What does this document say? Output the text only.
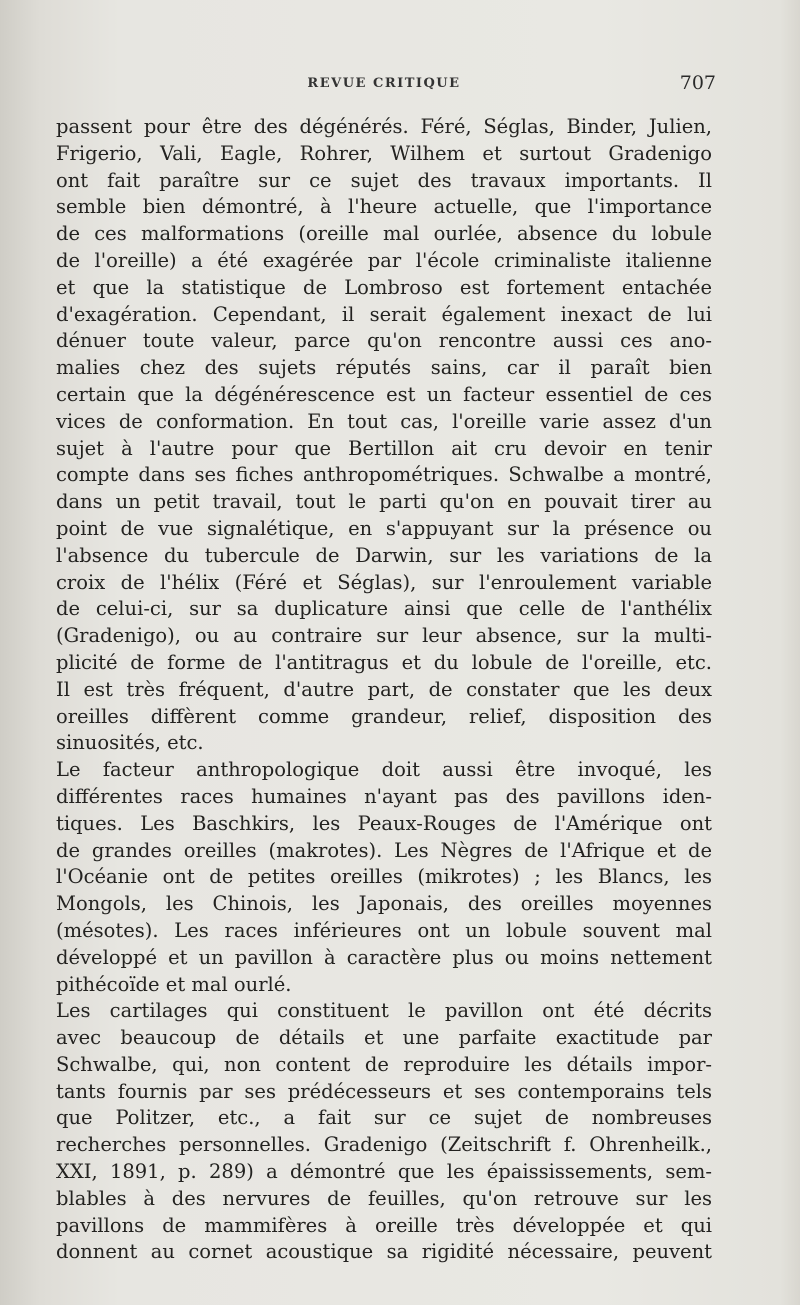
REVUE CRITIQUE	707
passent pour être des dégénérés. Féré, Séglas, Binder, Julien,
Frigerio, Vali, Eagle, Rohrer, Wilhem et surtout Gradenigo
ont fait paraître sur ce sujet des travaux importants. Il
semble bien démontré, à l'heure actuelle, que l'importance
de ces malformations (oreille mal ourlée, absence du lobule
de l'oreille) a été exagérée par l'école criminaliste italienne
et que la statistique de Lombroso est fortement entachée
d'exagération. Cependant, il serait également inexact de lui
dénuer toute valeur, parce qu'on rencontre aussi ces ano-
malies chez des sujets réputés sains, car il paraît bien
certain que la dégénérescence est un facteur essentiel de ces
vices de conformation. En tout cas, l'oreille varie assez d'un
sujet à l'autre pour que Bertillon ait cru devoir en tenir
compte dans ses fiches anthropométriques. Schwalbe a montré,
dans un petit travail, tout le parti qu'on en pouvait tirer au
point de vue signalétique, en s'appuyant sur la présence ou
l'absence du tubercule de Darwin, sur les variations de la
croix de l'hélix (Féré et Séglas), sur l'enroulement variable
de celui-ci, sur sa duplicature ainsi que celle de l'anthélix
(Gradenigo), ou au contraire sur leur absence, sur la multi-
plicité de forme de l'antitragus et du lobule de l'oreille, etc.
Il est très fréquent, d'autre part, de constater que les deux
oreilles diffèrent comme grandeur, relief, disposition des
sinuosités, etc.
Le facteur anthropologique doit aussi être invoqué, les
différentes races humaines n'ayant pas des pavillons iden-
tiques. Les Baschkirs, les Peaux-Rouges de l'Amérique ont
de grandes oreilles (makrotes). Les Nègres de l'Afrique et de
l'Océanie ont de petites oreilles (mikrotes) ; les Blancs, les
Mongols, les Chinois, les Japonais, des oreilles moyennes
(mésotes). Les races inférieures ont un lobule souvent mal
développé et un pavillon à caractère plus ou moins nettement
pithécoïde et mal ourlé.
Les cartilages qui constituent le pavillon ont été décrits
avec beaucoup de détails et une parfaite exactitude par
Schwalbe, qui, non content de reproduire les détails impor-
tants fournis par ses prédécesseurs et ses contemporains tels
que Politzer, etc., a fait sur ce sujet de nombreuses
recherches personnelles. Gradenigo (Zeitschrift f. Ohrenheilk.,
XXI, 1891, p. 289) a démontré que les épaississements, sem-
blables à des nervures de feuilles, qu'on retrouve sur les
pavillons de mammifères à oreille très développée et qui
donnent au cornet acoustique sa rigidité nécessaire, peuvent
